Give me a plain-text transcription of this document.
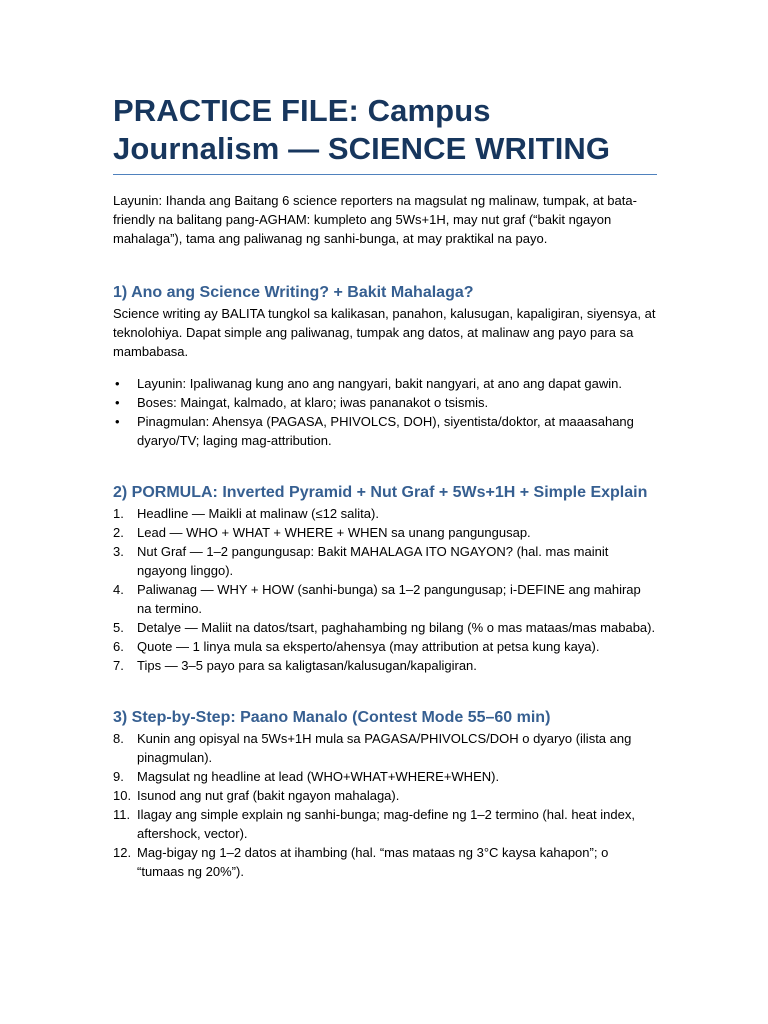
PRACTICE FILE: Campus Journalism — SCIENCE WRITING

Layunin: Ihanda ang Baitang 6 science reporters na magsulat ng malinaw, tumpak, at bata-friendly na balitang pang-AGHAM: kumpleto ang 5Ws+1H, may nut graf (“bakit ngayon mahalaga”), tama ang paliwanag ng sanhi-bunga, at may praktikal na payo.

1) Ano ang Science Writing? + Bakit Mahalaga?

Science writing ay BALITA tungkol sa kalikasan, panahon, kalusugan, kapaligiran, siyensya, at teknolohiya. Dapat simple ang paliwanag, tumpak ang datos, at malinaw ang payo para sa mambabasa.

• Layunin: Ipaliwanag kung ano ang nangyari, bakit nangyari, at ano ang dapat gawin.
• Boses: Maingat, kalmado, at klaro; iwas pananakot o tsismis.
• Pinagmulan: Ahensya (PAGASA, PHIVOLCS, DOH), siyentista/doktor, at maaasahang dyaryo/TV; laging mag-attribution.
2) PORMULA: Inverted Pyramid + Nut Graf + 5Ws+1H + Simple Explain
1. Headline — Maikli at malinaw (≤12 salita).
2. Lead — WHO + WHAT + WHERE + WHEN sa unang pangungusap.
3. Nut Graf — 1–2 pangungusap: Bakit MAHALAGA ITO NGAYON? (hal. mas mainit ngayong linggo).
4. Paliwanag — WHY + HOW (sanhi-bunga) sa 1–2 pangungusap; i-DEFINE ang mahirap na termino.
5. Detalye — Maliit na datos/tsart, paghahambing ng bilang (% o mas mataas/mas mababa).
6. Quote — 1 linya mula sa eksperto/ahensya (may attribution at petsa kung kaya).
7. Tips — 3–5 payo para sa kaligtasan/kalusugan/kapaligiran.
3) Step-by-Step: Paano Manalo (Contest Mode 55–60 min)
8. Kunin ang opisyal na 5Ws+1H mula sa PAGASA/PHIVOLCS/DOH o dyaryo (ilista ang pinagmulan).
9. Magsulat ng headline at lead (WHO+WHAT+WHERE+WHEN).
10. Isunod ang nut graf (bakit ngayon mahalaga).
11. Ilagay ang simple explain ng sanhi-bunga; mag-define ng 1–2 termino (hal. heat index, aftershock, vector).
12. Mag-bigay ng 1–2 datos at ihambing (hal. “mas mataas ng 3°C kaysa kahapon”; o “tumaas ng 20%”).
